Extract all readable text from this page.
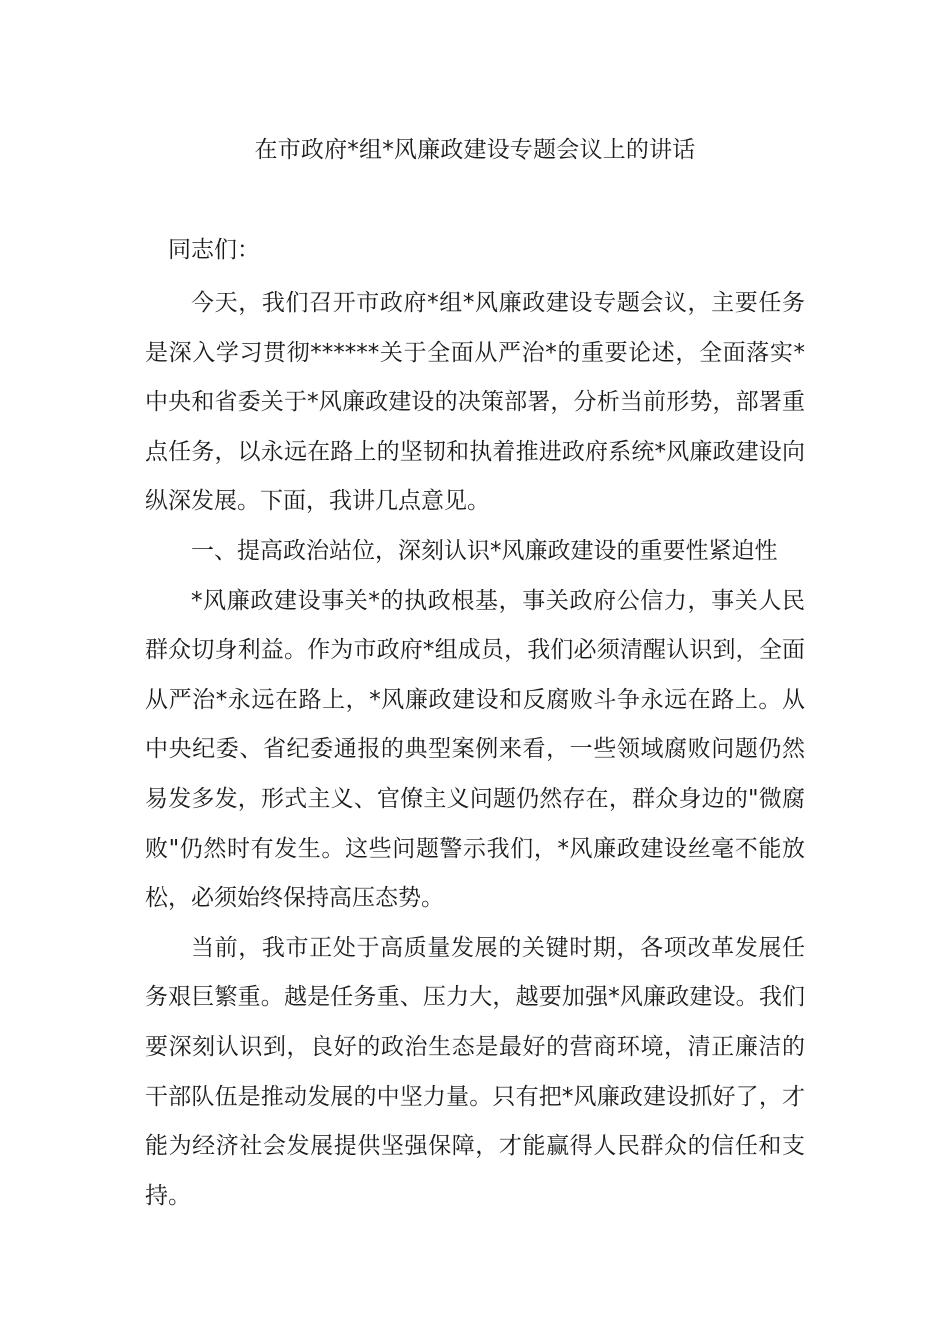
在市政府*组*风廉政建设专题会议上的讲话
同志们：

今天，我们召开市政府*组*风廉政建设专题会议，主要任务是深入学习贯彻******关于全面从严治*的重要论述，全面落实*中央和省委关于*风廉政建设的决策部署，分析当前形势，部署重点任务，以永远在路上的坚韧和执着推进政府系统*风廉政建设向纵深发展。下面，我讲几点意见。

一、提高政治站位，深刻认识*风廉政建设的重要性紧迫性

*风廉政建设事关*的执政根基，事关政府公信力，事关人民群众切身利益。作为市政府*组成员，我们必须清醒认识到，全面从严治*永远在路上，*风廉政建设和反腐败斗争永远在路上。从中央纪委、省纪委通报的典型案例来看，一些领域腐败问题仍然易发多发，形式主义、官僚主义问题仍然存在，群众身边的"微腐败"仍然时有发生。这些问题警示我们，*风廉政建设丝毫不能放松，必须始终保持高压态势。

当前，我市正处于高质量发展的关键时期，各项改革发展任务艰巨繁重。越是任务重、压力大，越要加强*风廉政建设。我们要深刻认识到，良好的政治生态是最好的营商环境，清正廉洁的干部队伍是推动发展的中坚力量。只有把*风廉政建设抓好了，才能为经济社会发展提供坚强保障，才能赢得人民群众的信任和支持。
